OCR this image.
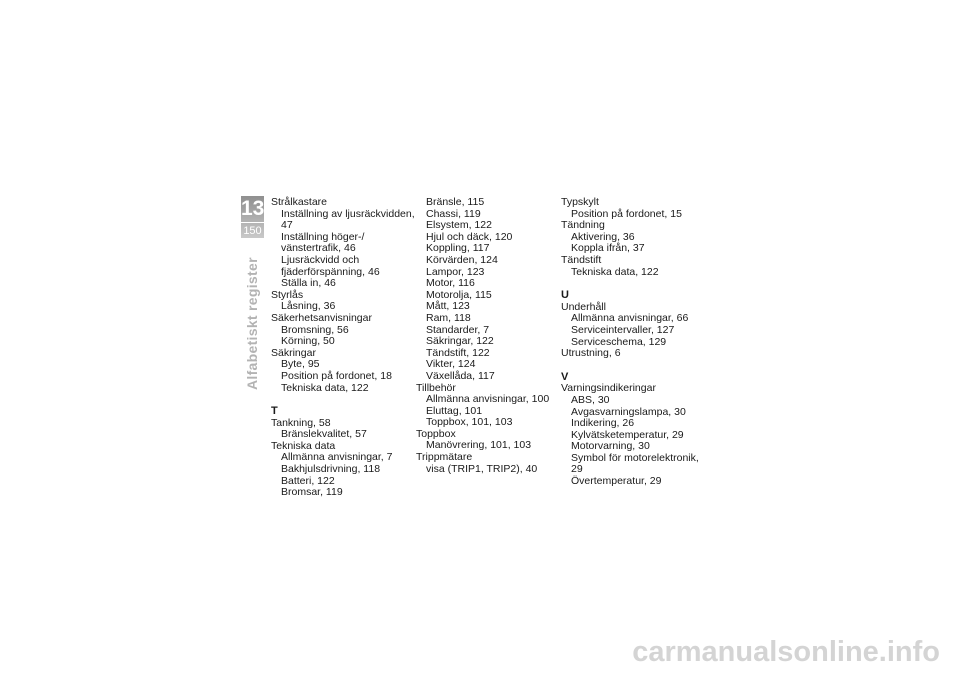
13
150
Alfabetiskt register
Strålkastare
Inställning av ljusräckvidden, 47
Inställning höger-/
vänstertrafik, 46
Ljusräckvidd och
fjäderförspänning, 46
Ställa in, 46
Styrlås
Låsning, 36
Säkerhetsanvisningar
Bromsning, 56
Körning, 50
Säkringar
Byte, 95
Position på fordonet, 18
Tekniska data, 122
T
Tankning, 58
Bränslekvalitet, 57
Tekniska data
Allmänna anvisningar, 7
Bakhjulsdrivning, 118
Batteri, 122
Bromsar, 119
Bränsle, 115
Chassi, 119
Elsystem, 122
Hjul och däck, 120
Koppling, 117
Körvärden, 124
Lampor, 123
Motor, 116
Motorolja, 115
Mått, 123
Ram, 118
Standarder, 7
Säkringar, 122
Tändstift, 122
Vikter, 124
Växellåda, 117
Tillbehör
Allmänna anvisningar, 100
Eluttag, 101
Toppbox, 101, 103
Toppbox
Manövrering, 101, 103
Trippmätare
visa (TRIP1, TRIP2), 40
Typskylt
Position på fordonet, 15
Tändning
Aktivering, 36
Koppla ifrån, 37
Tändstift
Tekniska data, 122
U
Underhåll
Allmänna anvisningar, 66
Serviceintervaller, 127
Serviceschema, 129
Utrustning, 6
V
Varningsindikeringar
ABS, 30
Avgasvarningslampa, 30
Indikering, 26
Kylvätsketemperatur, 29
Motorvarning, 30
Symbol för motorelektronik, 29
Övertemperatur, 29
carmanualsonline.info
